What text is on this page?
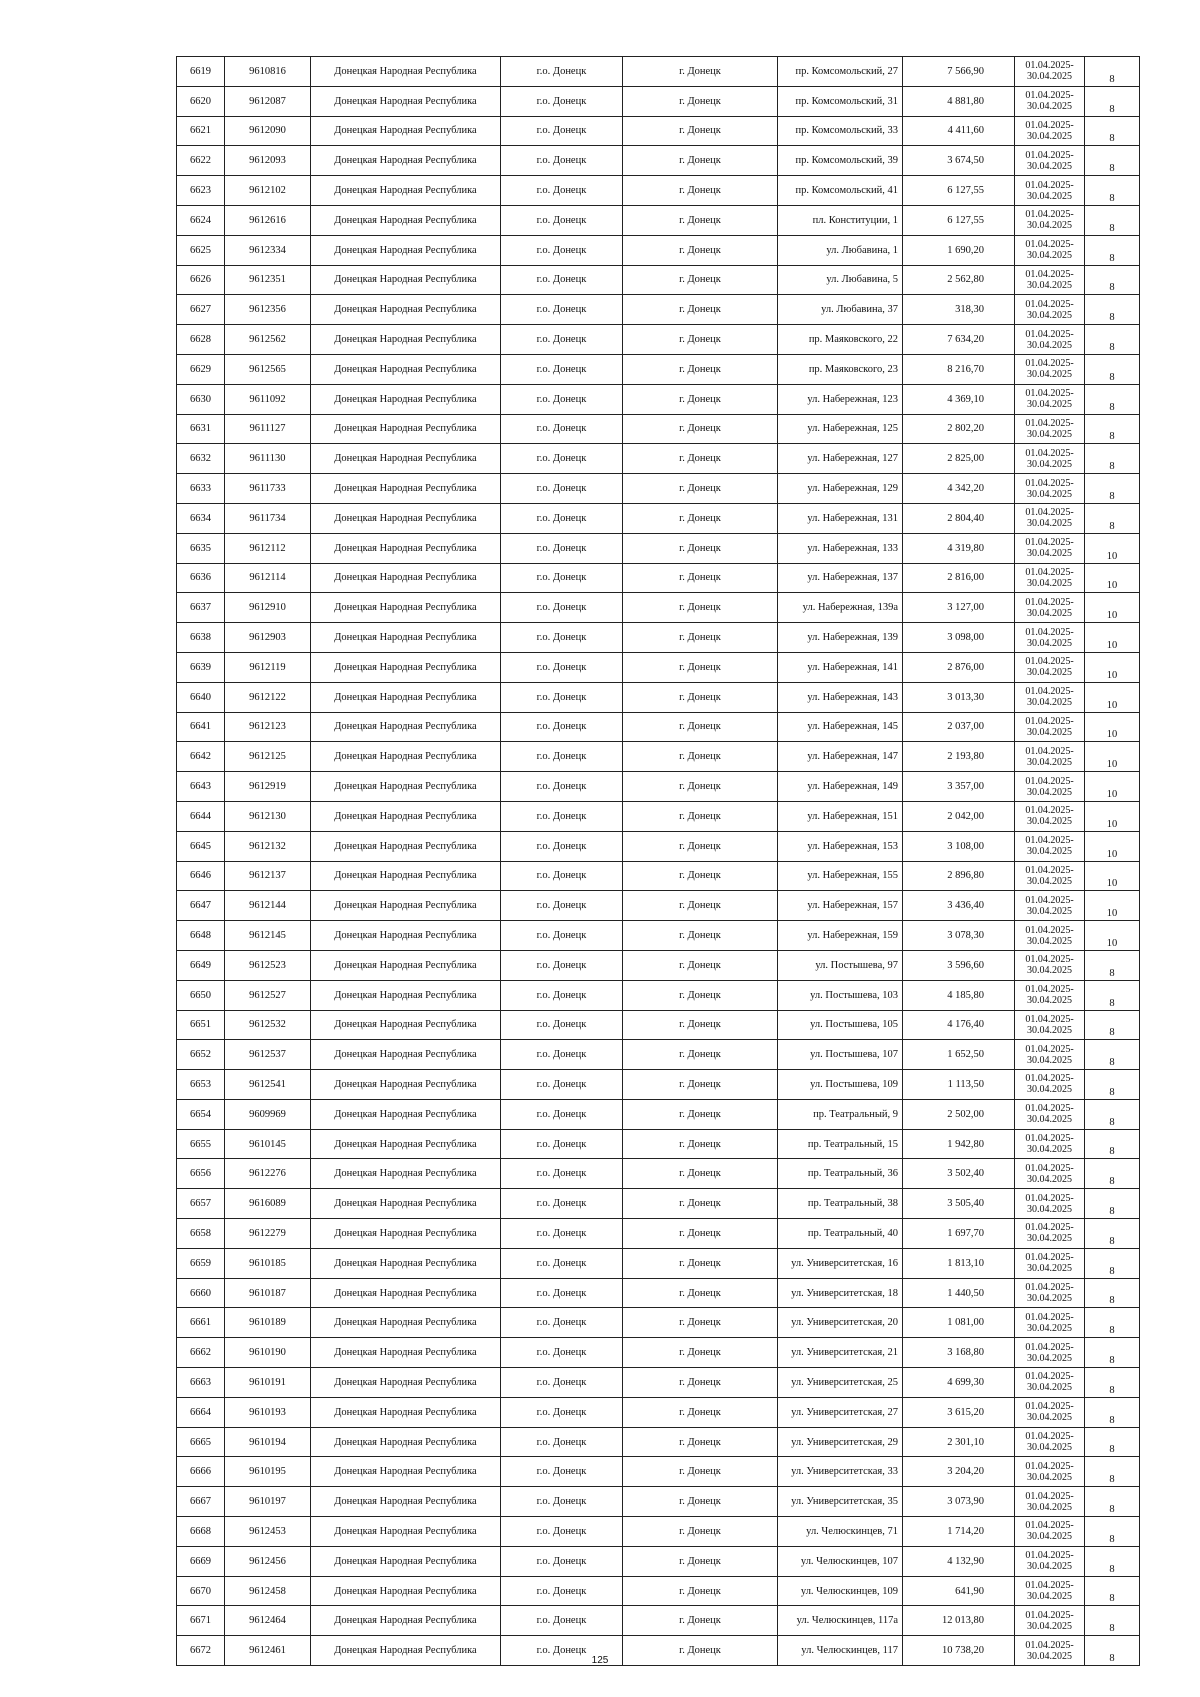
6619	9610816	Донецкая Народная Республика	г.о. Донецк	г. Донецк	пр. Комсомольский, 27	7 566,90	01.04.2025-
30.04.2025	8
6620	9612087	Донецкая Народная Республика	г.о. Донецк	г. Донецк	пр. Комсомольский, 31	4 881,80	01.04.2025-
30.04.2025	8
6621	9612090	Донецкая Народная Республика	г.о. Донецк	г. Донецк	пр. Комсомольский, 33	4 411,60	01.04.2025-
30.04.2025	8
6622	9612093	Донецкая Народная Республика	г.о. Донецк	г. Донецк	пр. Комсомольский, 39	3 674,50	01.04.2025-
30.04.2025	8
6623	9612102	Донецкая Народная Республика	г.о. Донецк	г. Донецк	пр. Комсомольский, 41	6 127,55	01.04.2025-
30.04.2025	8
6624	9612616	Донецкая Народная Республика	г.о. Донецк	г. Донецк	пл. Конституции, 1	6 127,55	01.04.2025-
30.04.2025	8
6625	9612334	Донецкая Народная Республика	г.о. Донецк	г. Донецк	ул. Любавина, 1	1 690,20	01.04.2025-
30.04.2025	8
6626	9612351	Донецкая Народная Республика	г.о. Донецк	г. Донецк	ул. Любавина, 5	2 562,80	01.04.2025-
30.04.2025	8
6627	9612356	Донецкая Народная Республика	г.о. Донецк	г. Донецк	ул. Любавина, 37	318,30	01.04.2025-
30.04.2025	8
6628	9612562	Донецкая Народная Республика	г.о. Донецк	г. Донецк	пр. Маяковского, 22	7 634,20	01.04.2025-
30.04.2025	8
6629	9612565	Донецкая Народная Республика	г.о. Донецк	г. Донецк	пр. Маяковского, 23	8 216,70	01.04.2025-
30.04.2025	8
6630	9611092	Донецкая Народная Республика	г.о. Донецк	г. Донецк	ул. Набережная, 123	4 369,10	01.04.2025-
30.04.2025	8
6631	9611127	Донецкая Народная Республика	г.о. Донецк	г. Донецк	ул. Набережная, 125	2 802,20	01.04.2025-
30.04.2025	8
6632	9611130	Донецкая Народная Республика	г.о. Донецк	г. Донецк	ул. Набережная, 127	2 825,00	01.04.2025-
30.04.2025	8
6633	9611733	Донецкая Народная Республика	г.о. Донецк	г. Донецк	ул. Набережная, 129	4 342,20	01.04.2025-
30.04.2025	8
6634	9611734	Донецкая Народная Республика	г.о. Донецк	г. Донецк	ул. Набережная, 131	2 804,40	01.04.2025-
30.04.2025	8
6635	9612112	Донецкая Народная Республика	г.о. Донецк	г. Донецк	ул. Набережная, 133	4 319,80	01.04.2025-
30.04.2025	10
6636	9612114	Донецкая Народная Республика	г.о. Донецк	г. Донецк	ул. Набережная, 137	2 816,00	01.04.2025-
30.04.2025	10
6637	9612910	Донецкая Народная Республика	г.о. Донецк	г. Донецк	ул. Набережная, 139а	3 127,00	01.04.2025-
30.04.2025	10
6638	9612903	Донецкая Народная Республика	г.о. Донецк	г. Донецк	ул. Набережная, 139	3 098,00	01.04.2025-
30.04.2025	10
6639	9612119	Донецкая Народная Республика	г.о. Донецк	г. Донецк	ул. Набережная, 141	2 876,00	01.04.2025-
30.04.2025	10
6640	9612122	Донецкая Народная Республика	г.о. Донецк	г. Донецк	ул. Набережная, 143	3 013,30	01.04.2025-
30.04.2025	10
6641	9612123	Донецкая Народная Республика	г.о. Донецк	г. Донецк	ул. Набережная, 145	2 037,00	01.04.2025-
30.04.2025	10
6642	9612125	Донецкая Народная Республика	г.о. Донецк	г. Донецк	ул. Набережная, 147	2 193,80	01.04.2025-
30.04.2025	10
6643	9612919	Донецкая Народная Республика	г.о. Донецк	г. Донецк	ул. Набережная, 149	3 357,00	01.04.2025-
30.04.2025	10
6644	9612130	Донецкая Народная Республика	г.о. Донецк	г. Донецк	ул. Набережная, 151	2 042,00	01.04.2025-
30.04.2025	10
6645	9612132	Донецкая Народная Республика	г.о. Донецк	г. Донецк	ул. Набережная, 153	3 108,00	01.04.2025-
30.04.2025	10
6646	9612137	Донецкая Народная Республика	г.о. Донецк	г. Донецк	ул. Набережная, 155	2 896,80	01.04.2025-
30.04.2025	10
6647	9612144	Донецкая Народная Республика	г.о. Донецк	г. Донецк	ул. Набережная, 157	3 436,40	01.04.2025-
30.04.2025	10
6648	9612145	Донецкая Народная Республика	г.о. Донецк	г. Донецк	ул. Набережная, 159	3 078,30	01.04.2025-
30.04.2025	10
6649	9612523	Донецкая Народная Республика	г.о. Донецк	г. Донецк	ул. Постышева, 97	3 596,60	01.04.2025-
30.04.2025	8
6650	9612527	Донецкая Народная Республика	г.о. Донецк	г. Донецк	ул. Постышева, 103	4 185,80	01.04.2025-
30.04.2025	8
6651	9612532	Донецкая Народная Республика	г.о. Донецк	г. Донецк	ул. Постышева, 105	4 176,40	01.04.2025-
30.04.2025	8
6652	9612537	Донецкая Народная Республика	г.о. Донецк	г. Донецк	ул. Постышева, 107	1 652,50	01.04.2025-
30.04.2025	8
6653	9612541	Донецкая Народная Республика	г.о. Донецк	г. Донецк	ул. Постышева, 109	1 113,50	01.04.2025-
30.04.2025	8
6654	9609969	Донецкая Народная Республика	г.о. Донецк	г. Донецк	пр. Театральный, 9	2 502,00	01.04.2025-
30.04.2025	8
6655	9610145	Донецкая Народная Республика	г.о. Донецк	г. Донецк	пр. Театральный, 15	1 942,80	01.04.2025-
30.04.2025	8
6656	9612276	Донецкая Народная Республика	г.о. Донецк	г. Донецк	пр. Театральный, 36	3 502,40	01.04.2025-
30.04.2025	8
6657	9616089	Донецкая Народная Республика	г.о. Донецк	г. Донецк	пр. Театральный, 38	3 505,40	01.04.2025-
30.04.2025	8
6658	9612279	Донецкая Народная Республика	г.о. Донецк	г. Донецк	пр. Театральный, 40	1 697,70	01.04.2025-
30.04.2025	8
6659	9610185	Донецкая Народная Республика	г.о. Донецк	г. Донецк	ул. Университетская, 16	1 813,10	01.04.2025-
30.04.2025	8
6660	9610187	Донецкая Народная Республика	г.о. Донецк	г. Донецк	ул. Университетская, 18	1 440,50	01.04.2025-
30.04.2025	8
6661	9610189	Донецкая Народная Республика	г.о. Донецк	г. Донецк	ул. Университетская, 20	1 081,00	01.04.2025-
30.04.2025	8
6662	9610190	Донецкая Народная Республика	г.о. Донецк	г. Донецк	ул. Университетская, 21	3 168,80	01.04.2025-
30.04.2025	8
6663	9610191	Донецкая Народная Республика	г.о. Донецк	г. Донецк	ул. Университетская, 25	4 699,30	01.04.2025-
30.04.2025	8
6664	9610193	Донецкая Народная Республика	г.о. Донецк	г. Донецк	ул. Университетская, 27	3 615,20	01.04.2025-
30.04.2025	8
6665	9610194	Донецкая Народная Республика	г.о. Донецк	г. Донецк	ул. Университетская, 29	2 301,10	01.04.2025-
30.04.2025	8
6666	9610195	Донецкая Народная Республика	г.о. Донецк	г. Донецк	ул. Университетская, 33	3 204,20	01.04.2025-
30.04.2025	8
6667	9610197	Донецкая Народная Республика	г.о. Донецк	г. Донецк	ул. Университетская, 35	3 073,90	01.04.2025-
30.04.2025	8
6668	9612453	Донецкая Народная Республика	г.о. Донецк	г. Донецк	ул. Челюскинцев, 71	1 714,20	01.04.2025-
30.04.2025	8
6669	9612456	Донецкая Народная Республика	г.о. Донецк	г. Донецк	ул. Челюскинцев, 107	4 132,90	01.04.2025-
30.04.2025	8
6670	9612458	Донецкая Народная Республика	г.о. Донецк	г. Донецк	ул. Челюскинцев, 109	641,90	01.04.2025-
30.04.2025	8
6671	9612464	Донецкая Народная Республика	г.о. Донецк	г. Донецк	ул. Челюскинцев, 117а	12 013,80	01.04.2025-
30.04.2025	8
6672	9612461	Донецкая Народная Республика	г.о. Донецк	г. Донецк	ул. Челюскинцев, 117	10 738,20	01.04.2025-
30.04.2025	8
125
